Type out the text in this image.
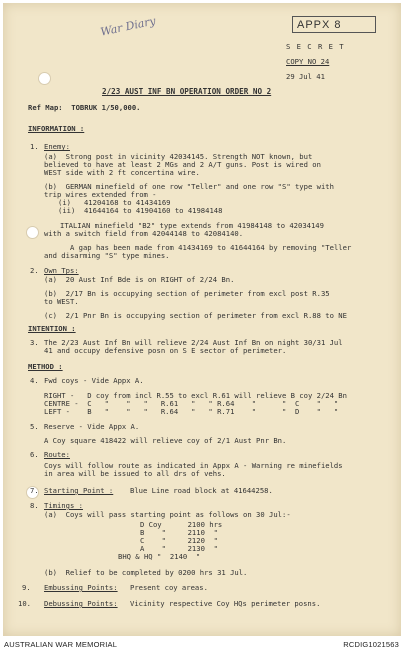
War Diary	APPX 8
S E C R E T
COPY NO 24
29 Jul 41
2/23 AUST INF BN OPERATION ORDER NO 2
Ref Map:  TOBRUK 1/50,000.
INFORMATION :
1. Enemy:
(a)  Strong post in vicinity 42034145. Strength NOT known, but
believed to have at least 2 MGs and 2 A/T guns. Post is wired on
WEST side with 2 ft concertina wire.
(b)  GERMAN minefield of one row "Teller" and one row "S" type with
trip wires extended from -
(i)   41204168 to 41434169
(ii)  41644164 to 41904160 to 41984148
ITALIAN minefield "B2" type extends from 41984148 to 42034149
with a switch field from 42044148 to 42084140.
A gap has been made from 41434169 to 41644164 by removing "Teller
and disarming "S" type mines.
2. Own Tps:
(a)  20 Aust Inf Bde is on RIGHT of 2/24 Bn.
(b)  2/17 Bn is occupying section of perimeter from excl post R.35
to WEST.
(c)  2/1 Pnr Bn is occupying section of perimeter from excl R.88 to NE
INTENTION :
3. The 2/23 Aust Inf Bn will relieve 2/24 Aust Inf Bn on night 30/31 Jul
41 and occupy defensive posn on S E sector of perimeter.
METHOD :
4. Fwd coys - Vide Appx A.
RIGHT -   D coy from incl R.55 to excl R.61 will relieve B coy 2/24 Bn
CENTRE -  C   "    "   "   R.61   "   " R.64    "      "  C    "   "
LEFT -    B   "    "   "   R.64   "   " R.71    "      "  D    "   "
5. Reserve - Vide Appx A.
A Coy square 418422 will relieve coy of 2/1 Aust Pnr Bn.
6. Route:
Coys will follow route as indicated in Appx A - Warning re minefields
in area will be issued to all drs of vehs.
7. Starting Point : Blue Line road block at 41644258.
8. Timings :
(a)  Coys will pass starting point as follows on 30 Jul:-
D Coy      2100 hrs
B    "     2110  "
C    "     2120  "
A    "     2130  "
BHQ & HQ "  2140  "
(b)  Relief to be completed by 0200 hrs 31 Jul.
9. Embussing Points: Present coy areas.
10. Debussing Points: Vicinity respective Coy HQs perimeter posns.
AUSTRALIAN WAR MEMORIAL	RCDIG1021563
